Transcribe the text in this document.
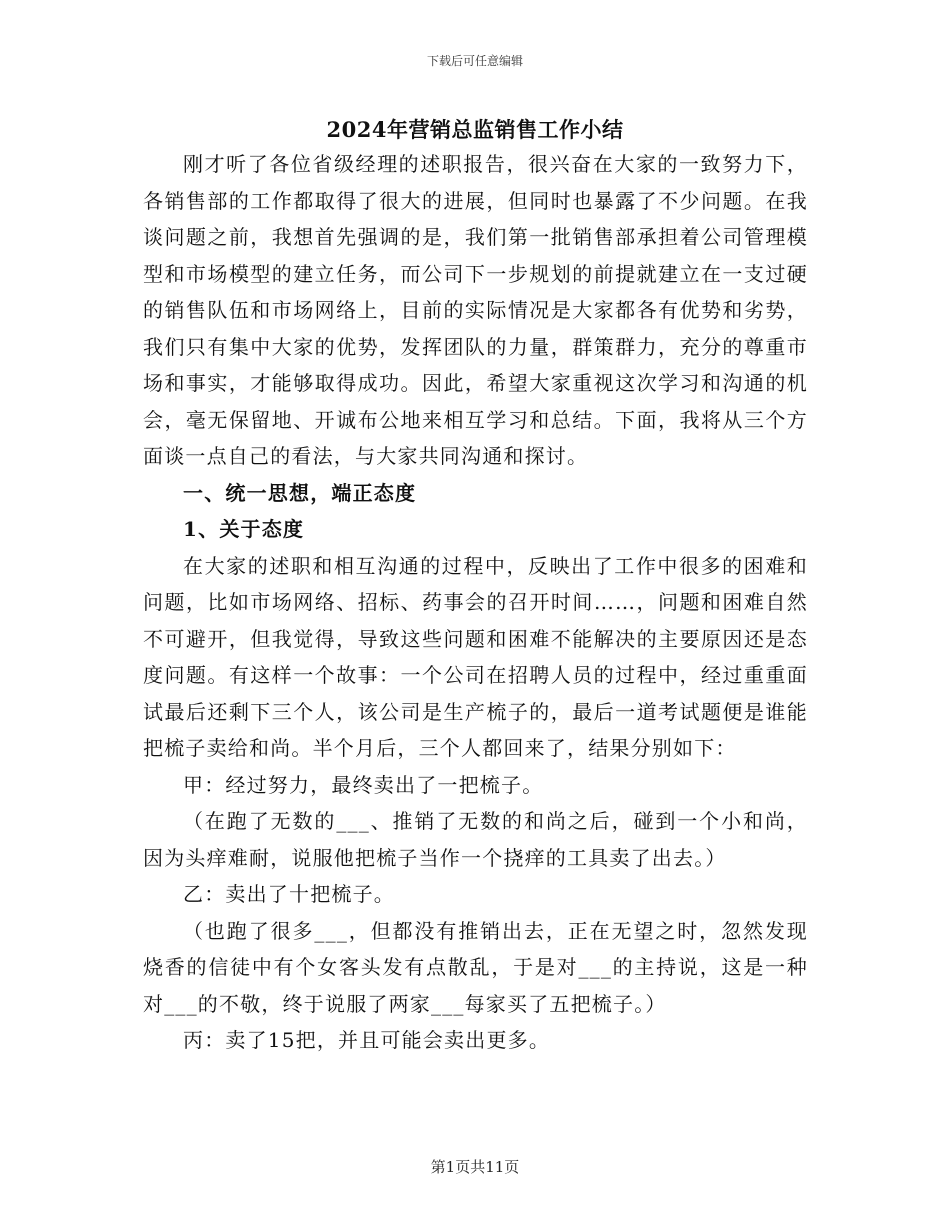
下载后可任意编辑
2024年营销总监销售工作小结

刚才听了各位省级经理的述职报告，很兴奋在大家的一致努力下，各销售部的工作都取得了很大的进展，但同时也暴露了不少问题。在我谈问题之前，我想首先强调的是，我们第一批销售部承担着公司管理模型和市场模型的建立任务，而公司下一步规划的前提就建立在一支过硬的销售队伍和市场网络上，目前的实际情况是大家都各有优势和劣势，我们只有集中大家的优势，发挥团队的力量，群策群力，充分的尊重市场和事实，才能够取得成功。因此，希望大家重视这次学习和沟通的机会，毫无保留地、开诚布公地来相互学习和总结。下面，我将从三个方面谈一点自己的看法，与大家共同沟通和探讨。

一、统一思想，端正态度

1、关于态度

在大家的述职和相互沟通的过程中，反映出了工作中很多的困难和问题，比如市场网络、招标、药事会的召开时间……，问题和困难自然不可避开，但我觉得，导致这些问题和困难不能解决的主要原因还是态度问题。有这样一个故事：一个公司在招聘人员的过程中，经过重重面试最后还剩下三个人，该公司是生产梳子的，最后一道考试题便是谁能把梳子卖给和尚。半个月后，三个人都回来了，结果分别如下：

甲：经过努力，最终卖出了一把梳子。

（在跑了无数的___、推销了无数的和尚之后，碰到一个小和尚，因为头痒难耐，说服他把梳子当作一个挠痒的工具卖了出去。）

乙：卖出了十把梳子。

（也跑了很多___，但都没有推销出去，正在无望之时，忽然发现烧香的信徒中有个女客头发有点散乱，于是对___的主持说，这是一种对___的不敬，终于说服了两家___每家买了五把梳子。）

丙：卖了15把，并且可能会卖出更多。

第1页共11页
